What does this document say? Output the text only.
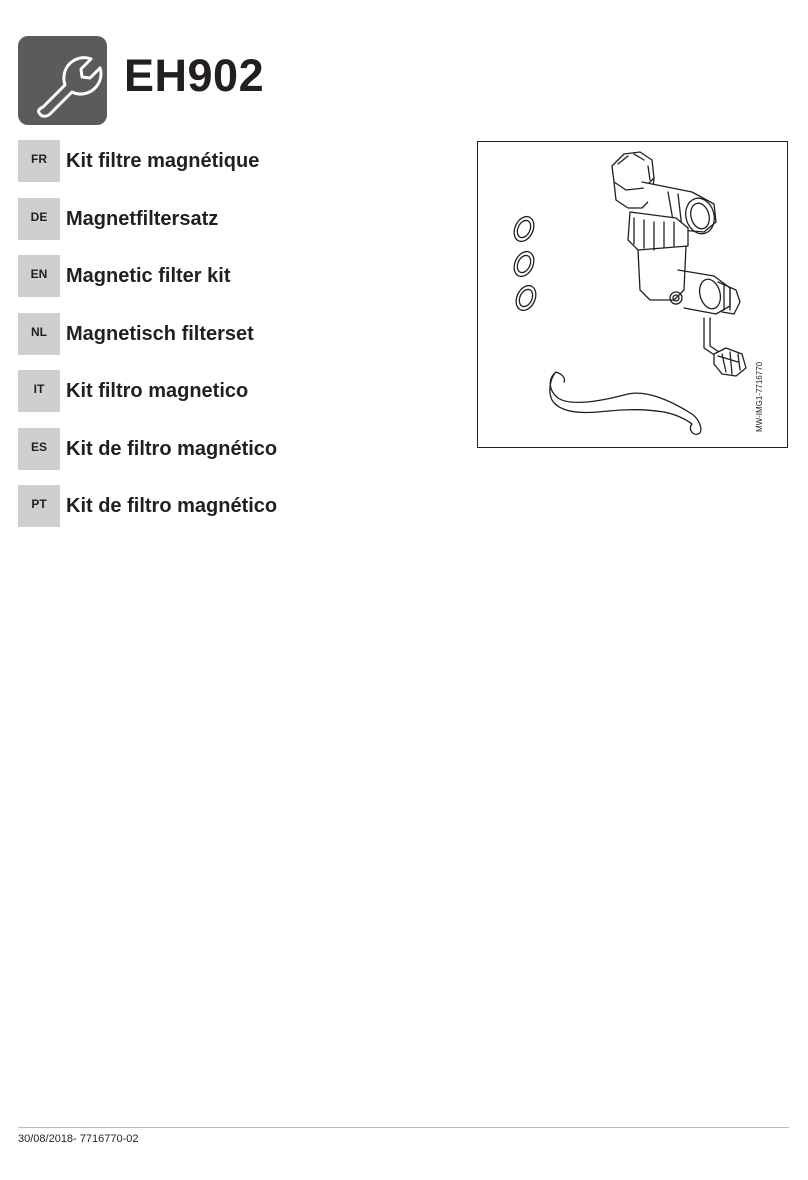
EH902
FR Kit filtre magnétique
DE Magnetfiltersatz
EN Magnetic filter kit
NL Magnetisch filterset
IT	Kit filtro magnetico
ES Kit de filtro magnético
PT Kit de filtro magnético
MW-IMG1-7716770
30/08/2018- 7716770-02
